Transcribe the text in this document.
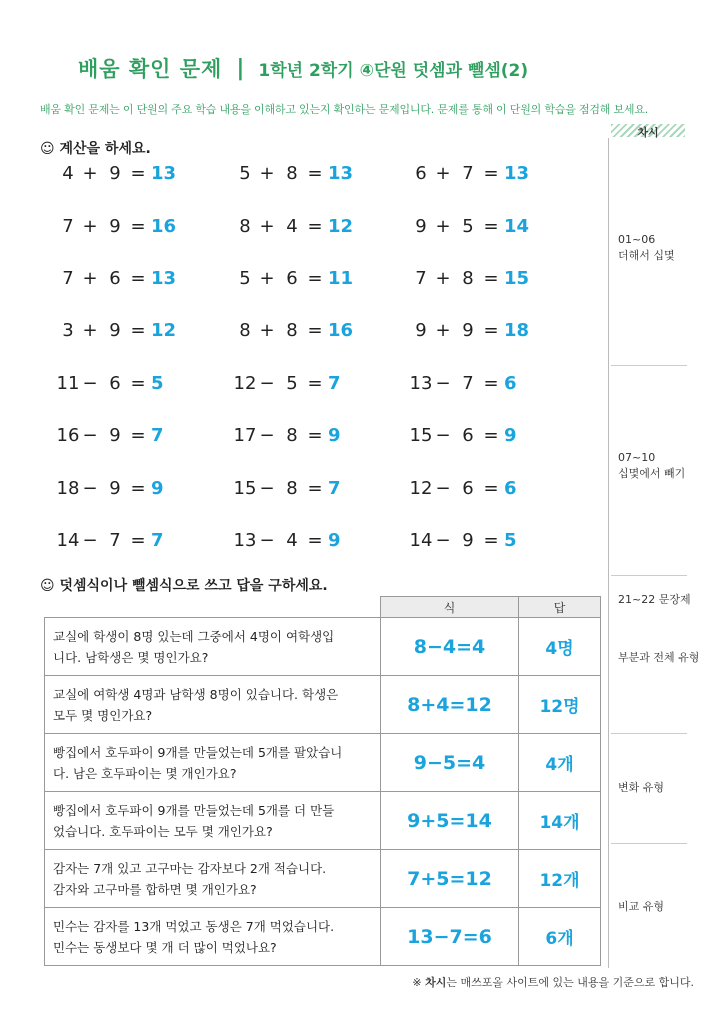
배움 확인 문제 | 1학년 2학기 ④단원 덧셈과 뺄셈(2)
배움 확인 문제는 이 단원의 주요 학습 내용을 이해하고 있는지 확인하는 문제입니다. 문제를 통해 이 단원의 학습을 점검해 보세요.
차시
01~06
더해서 십몇
07~10
십몇에서 빼기
21~22 문장제
부분과 전체 유형
변화 유형
비교 유형
☺ 계산을 하세요.
4 + 9 = 13	5 + 8 = 13	6 + 7 = 13
7 + 9 = 16	8 + 4 = 12	9 + 5 = 14
7 + 6 = 13	5 + 6 = 11	7 + 8 = 15
3 + 9 = 12	8 + 8 = 16	9 + 9 = 18
11 − 6 = 5	12 − 5 = 7	13 − 7 = 6
16 − 9 = 7	17 − 8 = 9	15 − 6 = 9
18 − 9 = 9	15 − 8 = 7	12 − 6 = 6
14 − 7 = 7	13 − 4 = 9	14 − 9 = 5
☺ 덧셈식이나 뺄셈식으로 쓰고 답을 구하세요.
	식	답

교실에 학생이 8명 있는데 그중에서 4명이 여학생입
니다. 남학생은 몇 명인가요?	8−4=4	4명

교실에 여학생 4명과 남학생 8명이 있습니다. 학생은
모두 몇 명인가요?	8+4=12	12명

빵집에서 호두파이 9개를 만들었는데 5개를 팔았습니
다. 남은 호두파이는 몇 개인가요?	9−5=4	4개

빵집에서 호두파이 9개를 만들었는데 5개를 더 만들
었습니다. 호두파이는 모두 몇 개인가요?	9+5=14	14개

감자는 7개 있고 고구마는 감자보다 2개 적습니다.
감자와 고구마를 합하면 몇 개인가요?	7+5=12	12개

민수는 감자를 13개 먹었고 동생은 7개 먹었습니다.
민수는 동생보다 몇 개 더 많이 먹었나요?	13−7=6	6개
※ 차시는 매쓰포올 사이트에 있는 내용을 기준으로 합니다.
